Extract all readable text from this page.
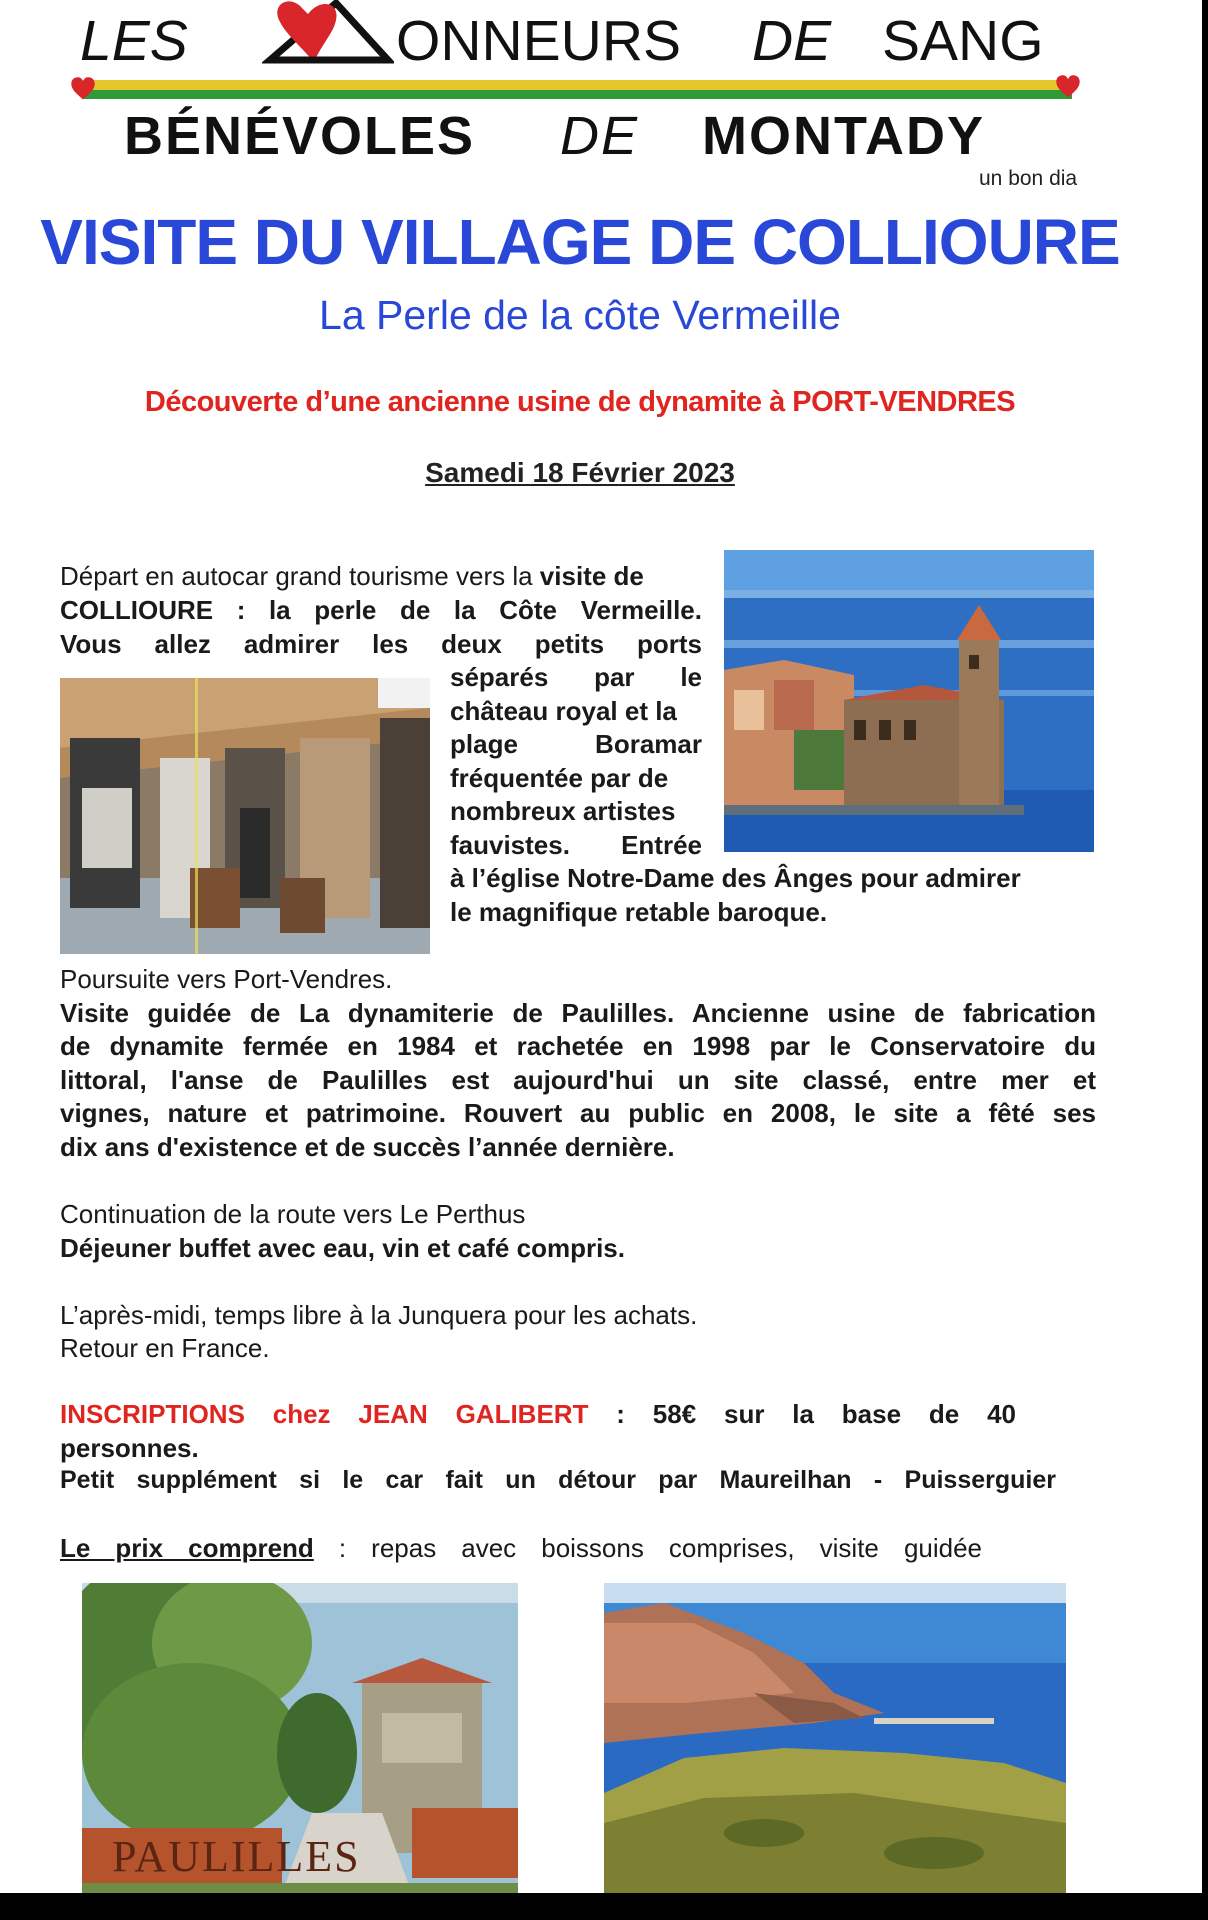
LES	ONNEURS DE SANG
BÉNÉVOLES DE MONTADY
un bon dia
VISITE DU VILLAGE DE COLLIOURE
La Perle de la côte Vermeille
Découverte d’une ancienne usine de dynamite à PORT-VENDRES
Samedi 18 Février 2023
Départ en autocar grand tourisme vers la visite de
COLLIOURE : la perle de la Côte Vermeille.
Vous allez admirer les deux petits ports
séparés par le
château royal et la
plage Boramar
fréquentée par de
nombreux artistes
fauvistes. Entrée
à l’église Notre-Dame des Ânges pour admirer
le magnifique retable baroque.
Poursuite vers Port-Vendres.
Visite guidée de La dynamiterie de Paulilles. Ancienne usine de fabrication
de dynamite fermée en 1984 et rachetée en 1998 par le Conservatoire du
littoral, l'anse de Paulilles est aujourd'hui un site classé, entre mer et
vignes, nature et patrimoine. Rouvert au public en 2008, le site a fêté ses
dix ans d'existence et de succès l’année dernière.
Continuation de la route vers Le Perthus
Déjeuner buffet avec eau, vin et café compris.
L’après-midi, temps libre à la Junquera pour les achats.
Retour en France.
INSCRIPTIONS chez JEAN GALIBERT : 58€ sur la base de 40
personnes.
Petit supplément si le car fait un détour par Maureilhan - Puisserguier
Le prix comprend : repas avec boissons comprises, visite guidée
PAULILLES
